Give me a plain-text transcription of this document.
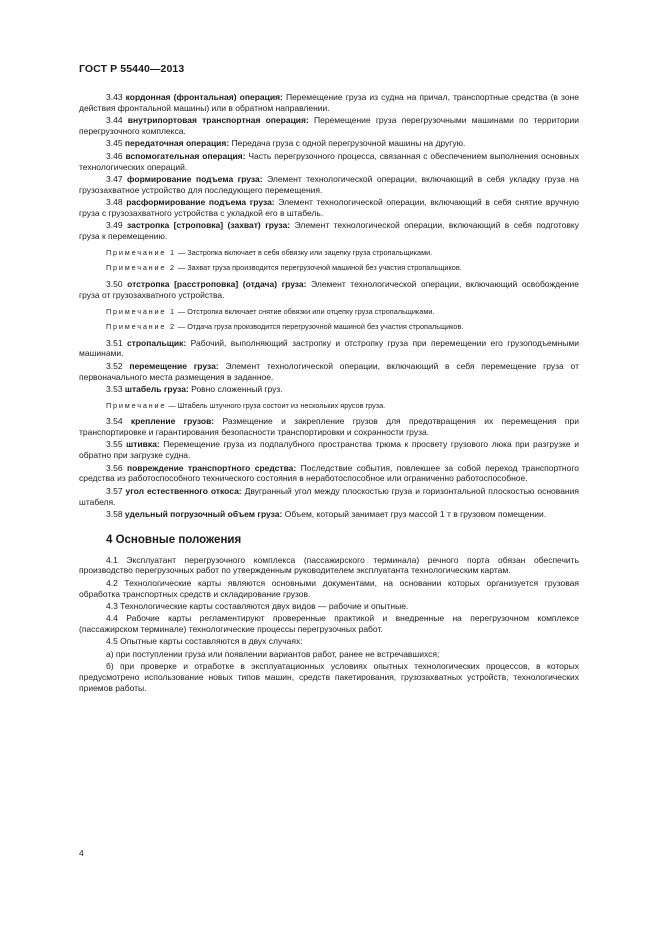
ГОСТ Р 55440—2013

3.43 кордонная (фронтальная) операция: Перемещение груза из судна на причал, транспортные средства (в зоне действия фронтальной машины) или в обратном направлении.

3.44 внутрипортовая транспортная операция: Перемещение груза перегрузочными машинами по территории перегрузочного комплекса.

3.45 передаточная операция: Передача груза с одной перегрузочной машины на другую.

3.46 вспомогательная операция: Часть перегрузочного процесса, связанная с обеспечением выполнения основных технологических операций.

3.47 формирование подъема груза: Элемент технологической операции, включающий в себя укладку груза на грузозахватное устройство для последующего перемещения.

3.48 расформирование подъема груза: Элемент технологической операции, включающий в себя снятие вручную груза с грузозахватного устройства с укладкой его в штабель.

3.49 застропка [строповка] (захват) груза: Элемент технологической операции, включающий в себя подготовку груза к перемещению.

Примечание 1 — Застропка включает в себя обвязку или зацепку груза стропальщиками.

Примечание 2 — Захват груза производится перегрузочной машиной без участия стропальщиков.

3.50 отстропка [расстроповка] (отдача) груза: Элемент технологической операции, включающий освобождение груза от грузозахватного устройства.

Примечание 1 — Отстропка включает снятие обвязки или отцепку груза стропальщиками.

Примечание 2 — Отдача груза производится перегрузочной машиной без участия стропальщиков.

3.51 стропальщик: Рабочий, выполняющий застропку и отстропку груза при перемещении его грузоподъемными машинами.

3.52 перемещение груза: Элемент технологической операции, включающий в себя перемещение груза от первоначального места размещения в заданное.

3.53 штабель груза: Ровно сложенный груз.

Примечание — Штабель штучного груза состоит из нескольких ярусов груза.

3.54 крепление грузов: Размещение и закрепление грузов для предотвращения их перемещения при транспортировке и гарантирования безопасности транспортировки и сохранности груза.

3.55 штивка: Перемещение груза из подпалубного пространства трюма к просвету грузового люка при разгрузке и обратно при загрузке судна.

3.56 повреждение транспортного средства: Последствие события, повлекшее за собой переход транспортного средства из работоспособного технического состояния в неработоспособное или ограниченно работоспособное.

3.57 угол естественного откоса: Двугранный угол между плоскостью груза и горизонтальной плоскостью основания штабеля.

3.58 удельный погрузочный объем груза: Объем, который занимает груз массой 1 т в грузовом помещении.

4 Основные положения

4.1 Эксплуатант перегрузочного комплекса (пассажирского терминала) речного порта обязан обеспечить производство перегрузочных работ по утвержденным руководителем эксплуатанта технологическим картам.

4.2 Технологические карты являются основными документами, на основании которых организуется грузовая обработка транспортных средств и складирование грузов.

4.3 Технологические карты составляются двух видов — рабочие и опытные.

4.4 Рабочие карты регламентируют проверенные практикой и внедренные на перегрузочном комплексе (пассажирском терминале) технологические процессы перегрузочных работ.

4.5 Опытные карты составляются в двух случаях:

а) при поступлении груза или появлении вариантов работ, ранее не встречавшихся;

б) при проверке и отработке в эксплуатационных условиях опытных технологических процессов, в которых предусмотрено использование новых типов машин, средств пакетирования, грузозахватных устройств, технологических приемов работы.

4
